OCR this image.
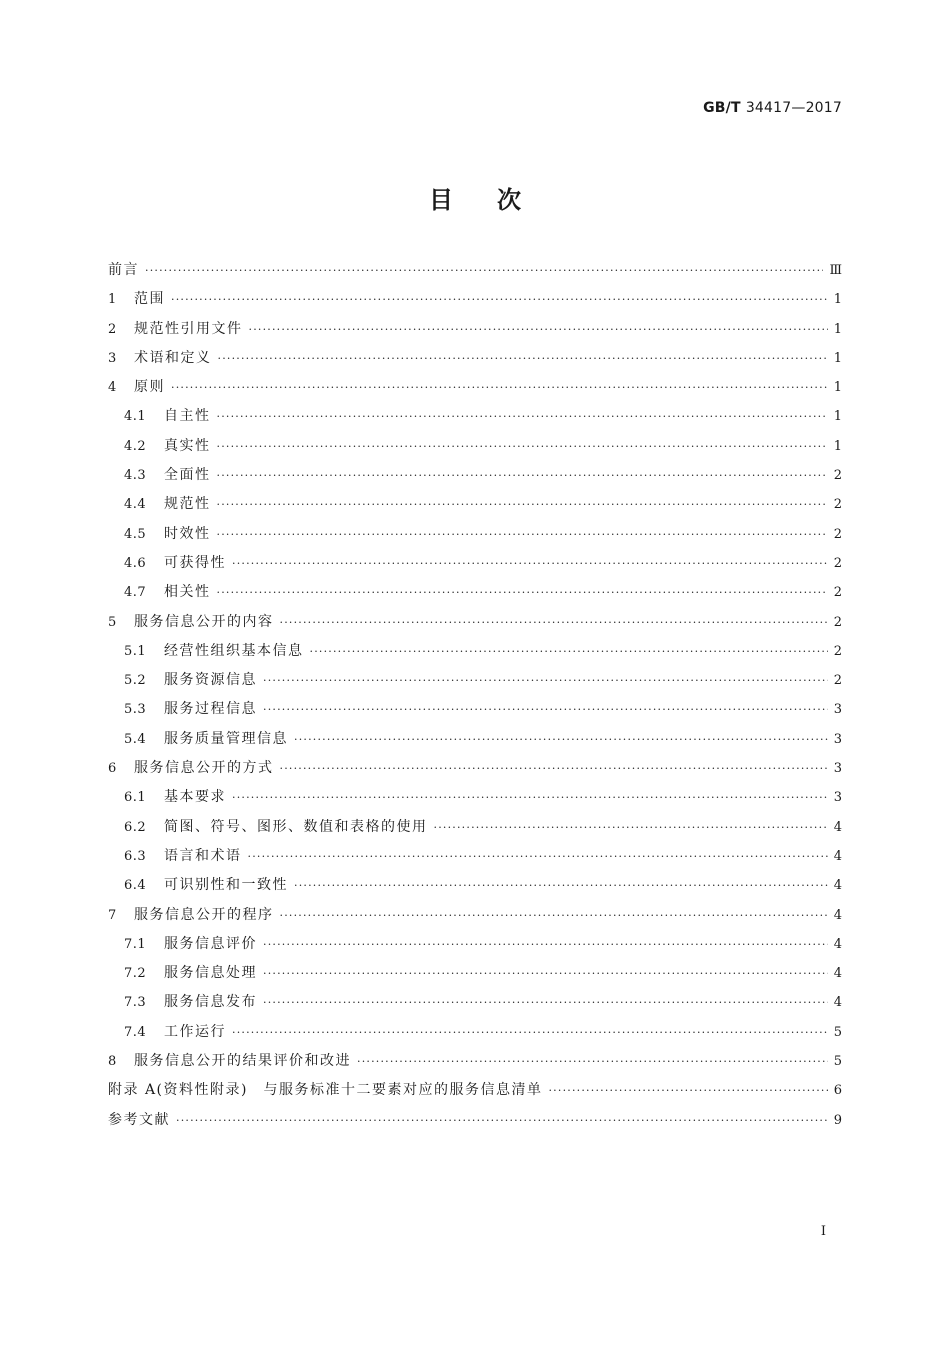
GB/T 34417—2017
目次
前言 ·····	Ⅲ
1	范围 ·····	1
2	规范性引用文件 ·····	1
3	术语和定义 ·····	1
4	原则 ·····	1
4.1	自主性 ·····	1
4.2	真实性 ·····	1
4.3	全面性 ·····	2
4.4	规范性 ·····	2
4.5	时效性 ·····	2
4.6	可获得性 ·····	2
4.7	相关性 ·····	2
5	服务信息公开的内容 ·····	2
5.1	经营性组织基本信息 ·····	2
5.2	服务资源信息 ·····	2
5.3	服务过程信息 ·····	3
5.4	服务质量管理信息 ·····	3
6	服务信息公开的方式 ·····	3
6.1	基本要求 ·····	3
6.2	简图、符号、图形、数值和表格的使用 ·····	4
6.3	语言和术语 ·····	4
6.4	可识别性和一致性 ·····	4
7	服务信息公开的程序 ·····	4
7.1	服务信息评价 ·····	4
7.2	服务信息处理 ·····	4
7.3	服务信息发布 ·····	4
7.4	工作运行 ·····	5
8	服务信息公开的结果评价和改进 ·····	5
附录 A(资料性附录)　与服务标准十二要素对应的服务信息清单 ·····	6
参考文献 ·····	9
I
